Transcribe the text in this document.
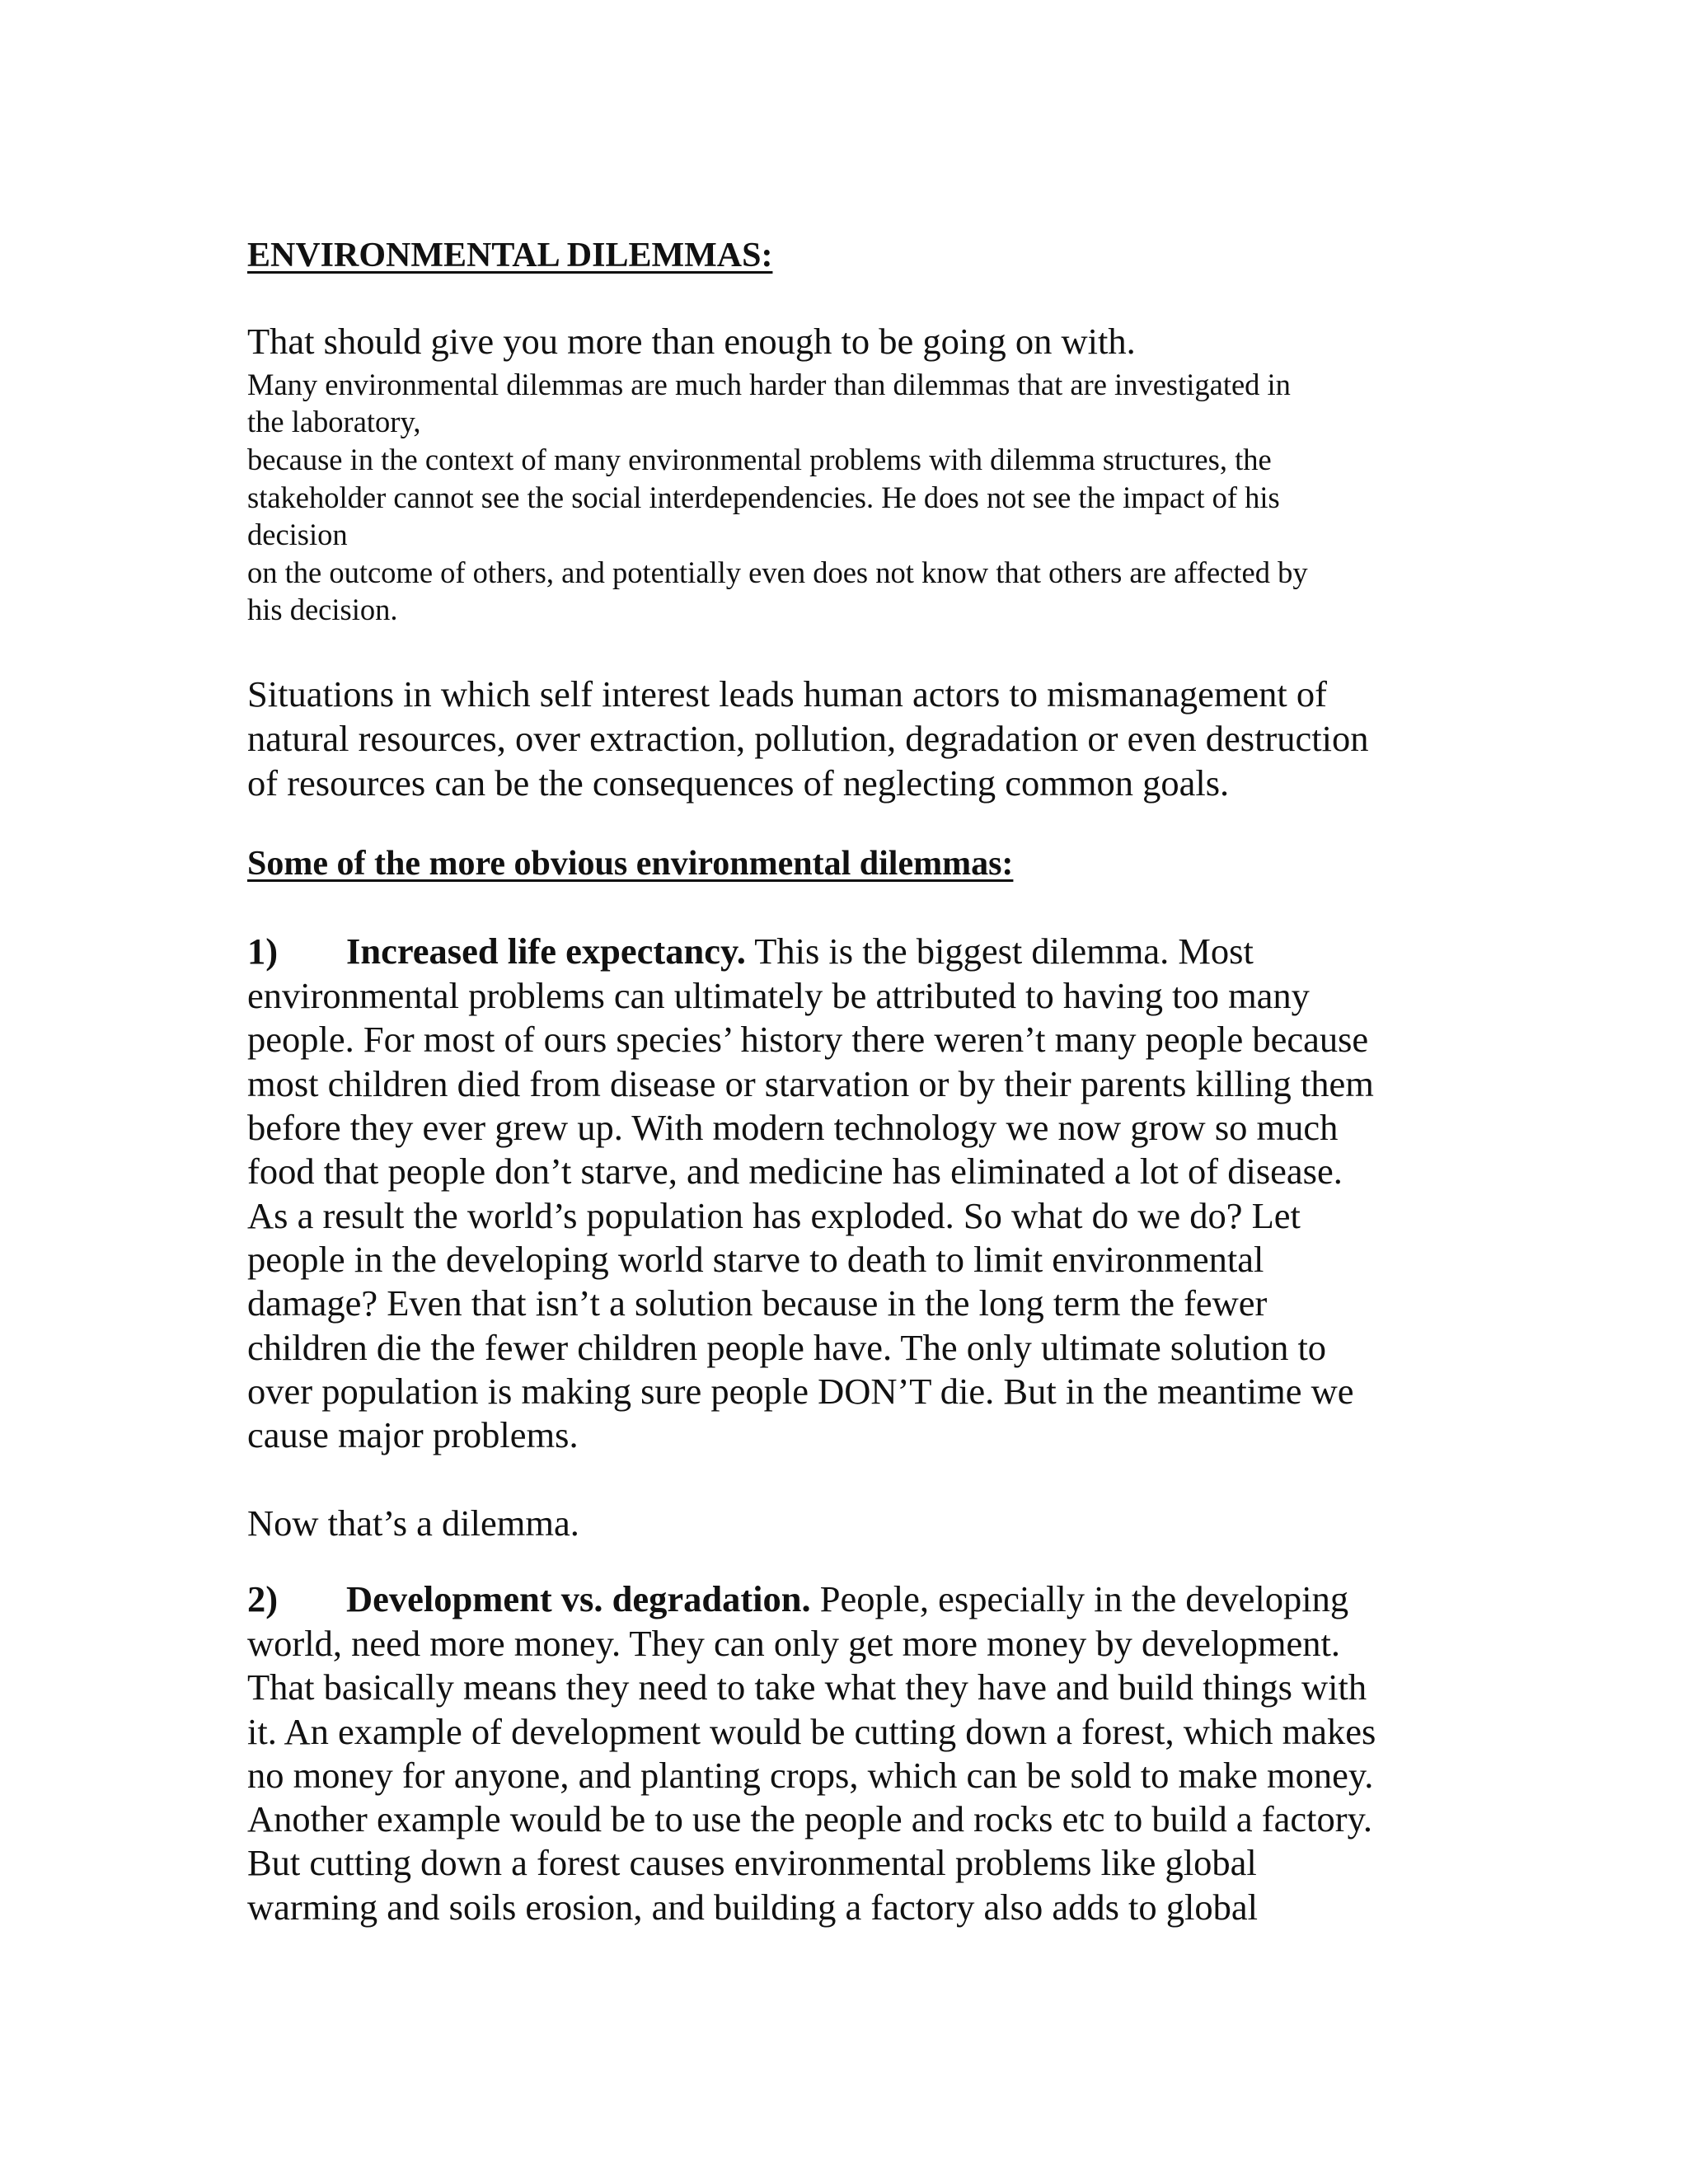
ENVIRONMENTAL DILEMMAS:
That should give you more than enough to be going on with.
Many environmental dilemmas are much harder than dilemmas that are investigated in
the laboratory,
because in the context of many environmental problems with dilemma structures, the
stakeholder cannot see the social interdependencies. He does not see the impact of his
decision
on the outcome of others, and potentially even does not know that others are affected by
his decision.
Situations in which self interest leads human actors to mismanagement of
natural resources, over extraction, pollution, degradation or even destruction
of resources can be the consequences of neglecting common goals.
Some of the more obvious environmental dilemmas:
1) Increased life expectancy. This is the biggest dilemma. Most
environmental problems can ultimately be attributed to having too many
people. For most of ours species’ history there weren’t many people because
most children died from disease or starvation or by their parents killing them
before they ever grew up. With modern technology we now grow so much
food that people don’t starve, and medicine has eliminated a lot of disease.
As a result the world’s population has exploded. So what do we do? Let
people in the developing world starve to death to limit environmental
damage? Even that isn’t a solution because in the long term the fewer
children die the fewer children people have. The only ultimate solution to
over population is making sure people DON’T die. But in the meantime we
cause major problems.
Now that’s a dilemma.
2) Development vs. degradation. People, especially in the developing
world, need more money. They can only get more money by development.
That basically means they need to take what they have and build things with
it. An example of development would be cutting down a forest, which makes
no money for anyone, and planting crops, which can be sold to make money.
Another example would be to use the people and rocks etc to build a factory.
But cutting down a forest causes environmental problems like global
warming and soils erosion, and building a factory also adds to global
